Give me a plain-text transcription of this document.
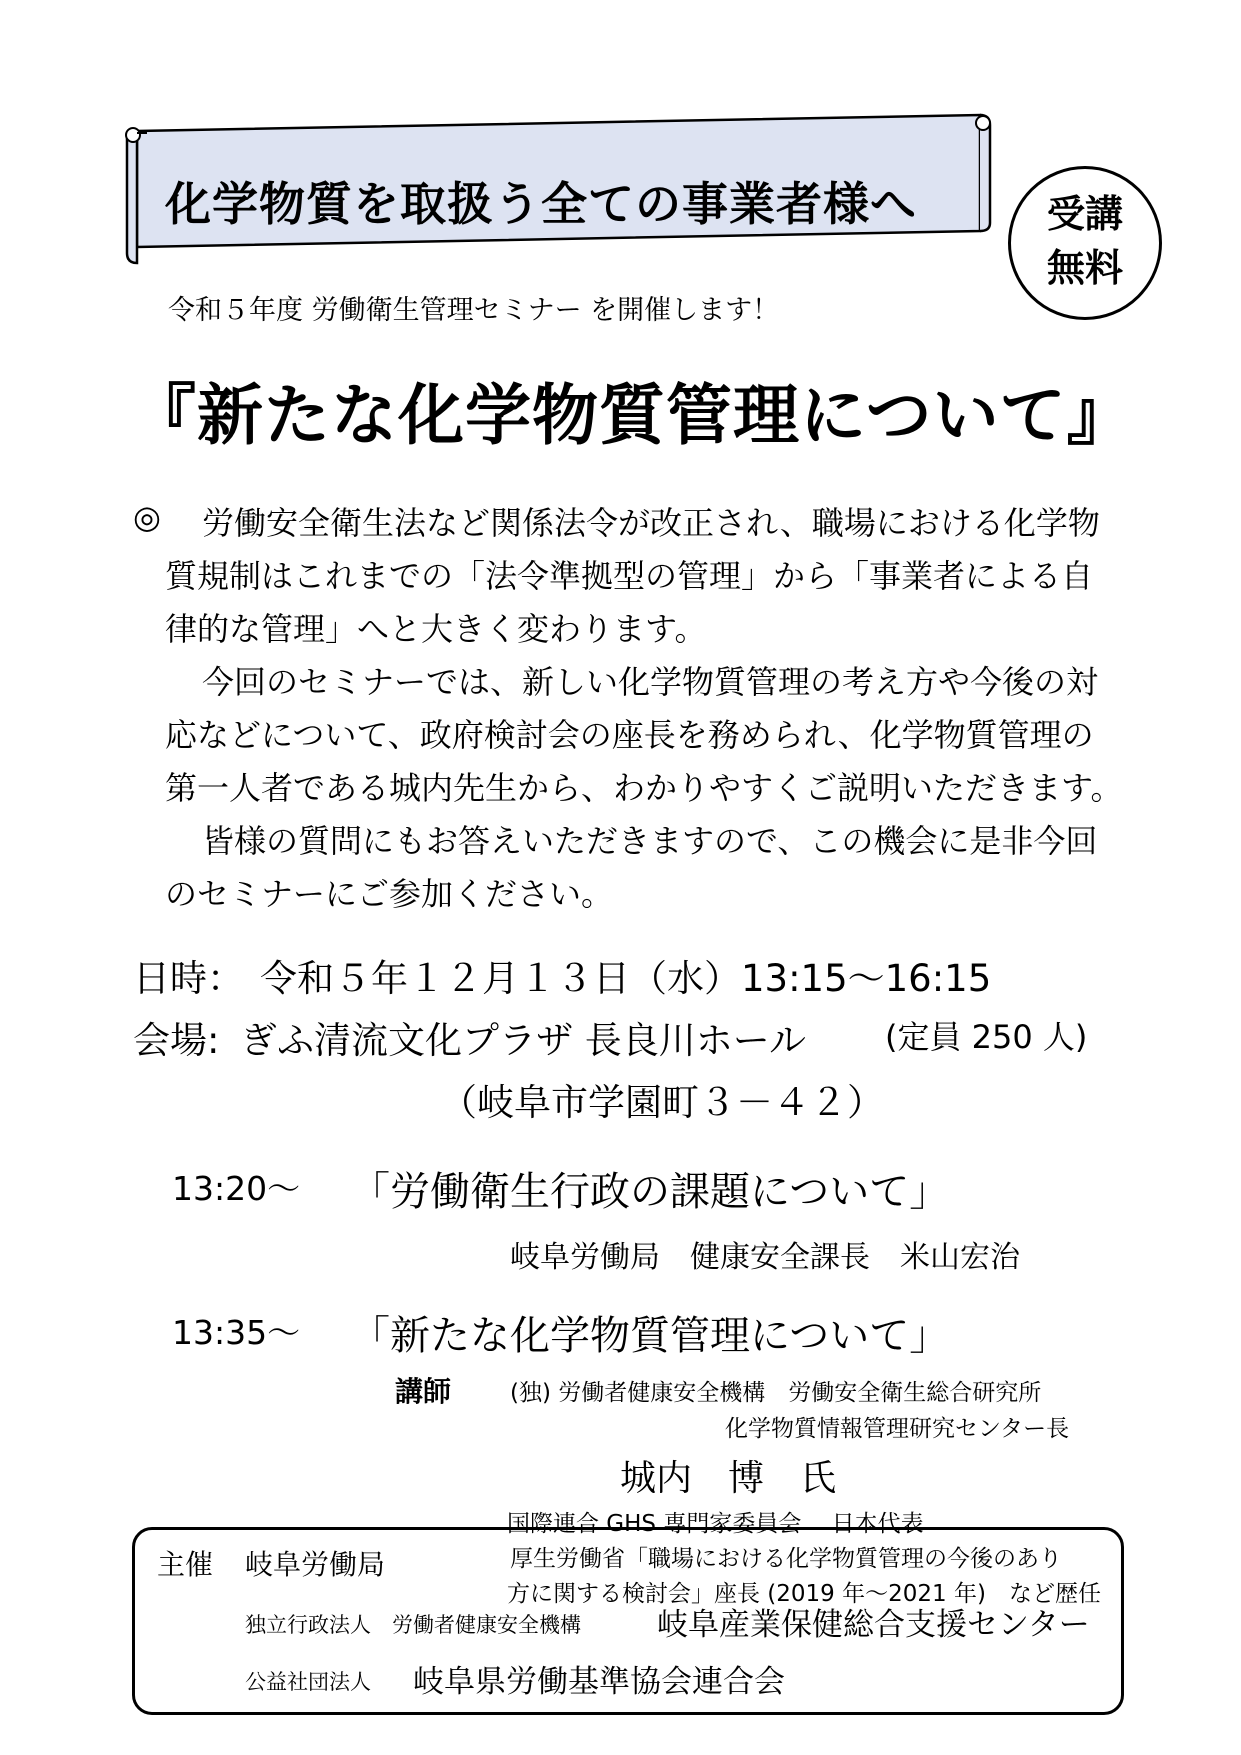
化学物質を取扱う全ての事業者様へ	受講
無料
令和５年度 労働衛生管理セミナー を開催します！
『新たな化学物質管理について』
◎ 労働安全衛生法など関係法令が改正され、職場における化学物
質規制はこれまでの「法令準拠型の管理」から「事業者による自
律的な管理」へと大きく変わります。
今回のセミナーでは、新しい化学物質管理の考え方や今後の対
応などについて、政府検討会の座長を務められ、化学物質管理の
第一人者である城内先生から、わかりやすくご説明いただきます。
皆様の質問にもお答えいただきますので、この機会に是非今回
のセミナーにご参加ください。
日時： 令和５年１２月１３日（水）13:15～16:15
会場: ぎふ清流文化プラザ 長良川ホール (定員 250 人)
（岐阜市学園町３－４２）
13:20～ 「労働衛生行政の課題について」
岐阜労働局　健康安全課長　米山宏治
13:35～ 「新たな化学物質管理について」
講師	(独) 労働者健康安全機構　労働安全衛生総合研究所
化学物質情報管理研究センター長
城内　博　氏
国際連合 GHS 専門家委員会　 日本代表
厚生労働省「職場における化学物質管理の今後のあり
方に関する検討会」座長 (2019 年～2021 年)　など歴任
主催 岐阜労働局
独立行政法人　労働者健康安全機構 岐阜産業保健総合支援センター
公益社団法人 岐阜県労働基準協会連合会
